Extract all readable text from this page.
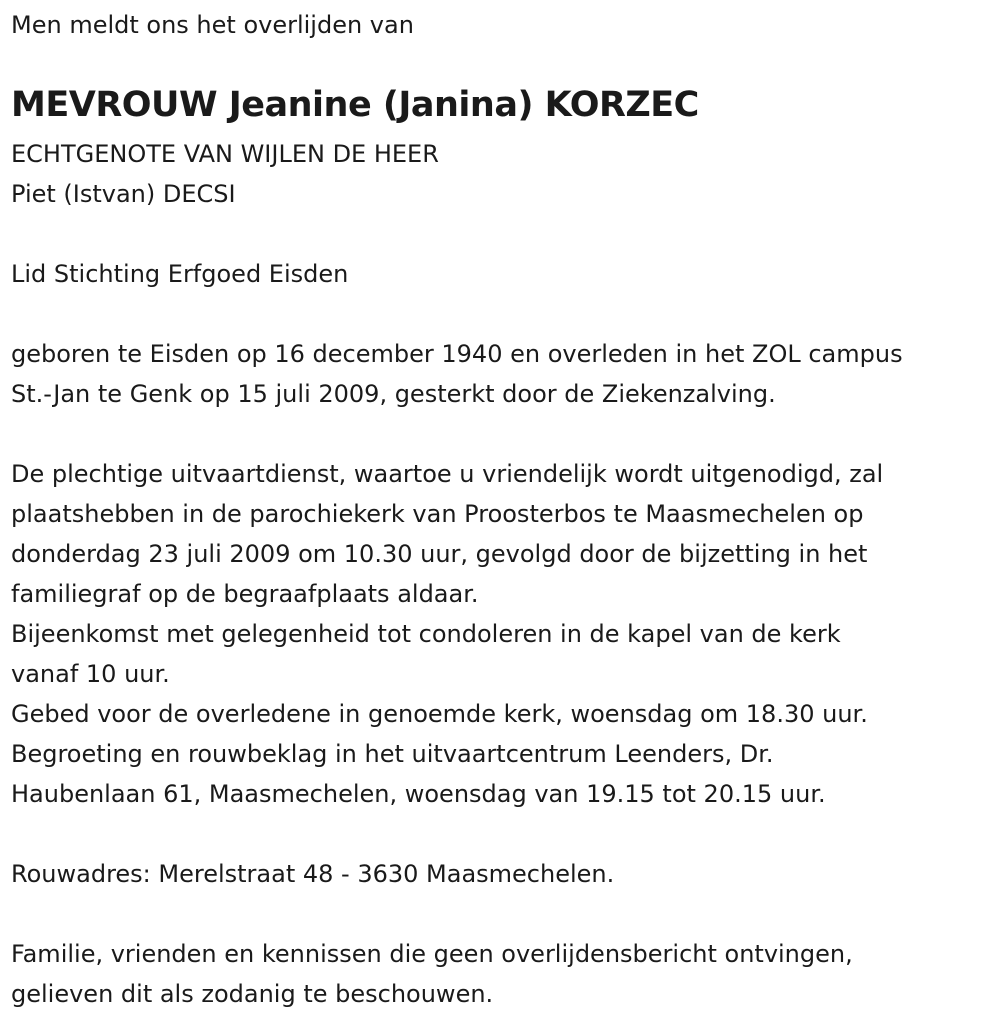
Men meldt ons het overlijden van
MEVROUW Jeanine (Janina) KORZEC
ECHTGENOTE VAN WIJLEN DE HEER
Piet (Istvan) DECSI
Lid Stichting Erfgoed Eisden
geboren te Eisden op 16 december 1940 en overleden in het ZOL campus
St.-Jan te Genk op 15 juli 2009, gesterkt door de Ziekenzalving.
De plechtige uitvaartdienst, waartoe u vriendelijk wordt uitgenodigd, zal
plaatshebben in de parochiekerk van Proosterbos te Maasmechelen op
donderdag 23 juli 2009 om 10.30 uur, gevolgd door de bijzetting in het
familiegraf op de begraafplaats aldaar.
Bijeenkomst met gelegenheid tot condoleren in de kapel van de kerk
vanaf 10 uur.
Gebed voor de overledene in genoemde kerk, woensdag om 18.30 uur.
Begroeting en rouwbeklag in het uitvaartcentrum Leenders, Dr.
Haubenlaan 61, Maasmechelen, woensdag van 19.15 tot 20.15 uur.
Rouwadres: Merelstraat 48 - 3630 Maasmechelen.
Familie, vrienden en kennissen die geen overlijdensbericht ontvingen,
gelieven dit als zodanig te beschouwen.
